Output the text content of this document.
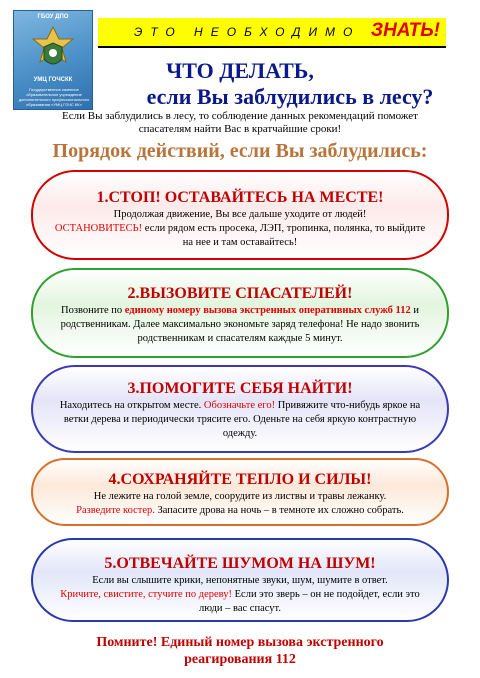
ГБОУ ДПО
УМЦ ГОЧСКК
Государственное казенное образовательное учреждение дополнительного профессионального образования «УМЦ ГОЧС КК»
ЭТО НЕОБХОДИМО ЗНАТЬ!
ЧТО ДЕЛАТЬ,
если Вы заблудились в лесу?
Если Вы заблудились в лесу, то соблюдение данных рекомендаций поможет спасателям найти Вас в кратчайшие сроки!
Порядок действий, если Вы заблудились:
1.СТОП! ОСТАВАЙТЕСЬ НА МЕСТЕ!
Продолжая движение, Вы все дальше уходите от людей!
ОСТАНОВИТЕСЬ! если рядом есть просека, ЛЭП, тропинка, полянка, то выйдите на нее и там оставайтесь!
2.ВЫЗОВИТЕ СПАСАТЕЛЕЙ!
Позвоните по единому номеру вызова экстренных оперативных служб 112 и родственникам. Далее максимально экономьте заряд телефона! Не надо звонить родственникам и спасателям каждые 5 минут.
3.ПОМОГИТЕ СЕБЯ НАЙТИ!
Находитесь на открытом месте. Обозначьте его! Привяжите что-нибудь яркое на ветки дерева и периодически трясите его. Оденьте на себя яркую контрастную одежду.
4.СОХРАНЯЙТЕ ТЕПЛО И СИЛЫ!
Не лежите на голой земле, соорудите из листвы и травы лежанку.
Разведите костер. Запасите дрова на ночь – в темноте их сложно собрать.
5.ОТВЕЧАЙТЕ ШУМОМ НА ШУМ!
Если вы слышите крики, непонятные звуки, шум, шумите в ответ.
Кричите, свистите, стучите по дереву! Если это зверь – он не подойдет, если это люди – вас спасут.
Помните! Единый номер вызова экстренного
реагирования 112
